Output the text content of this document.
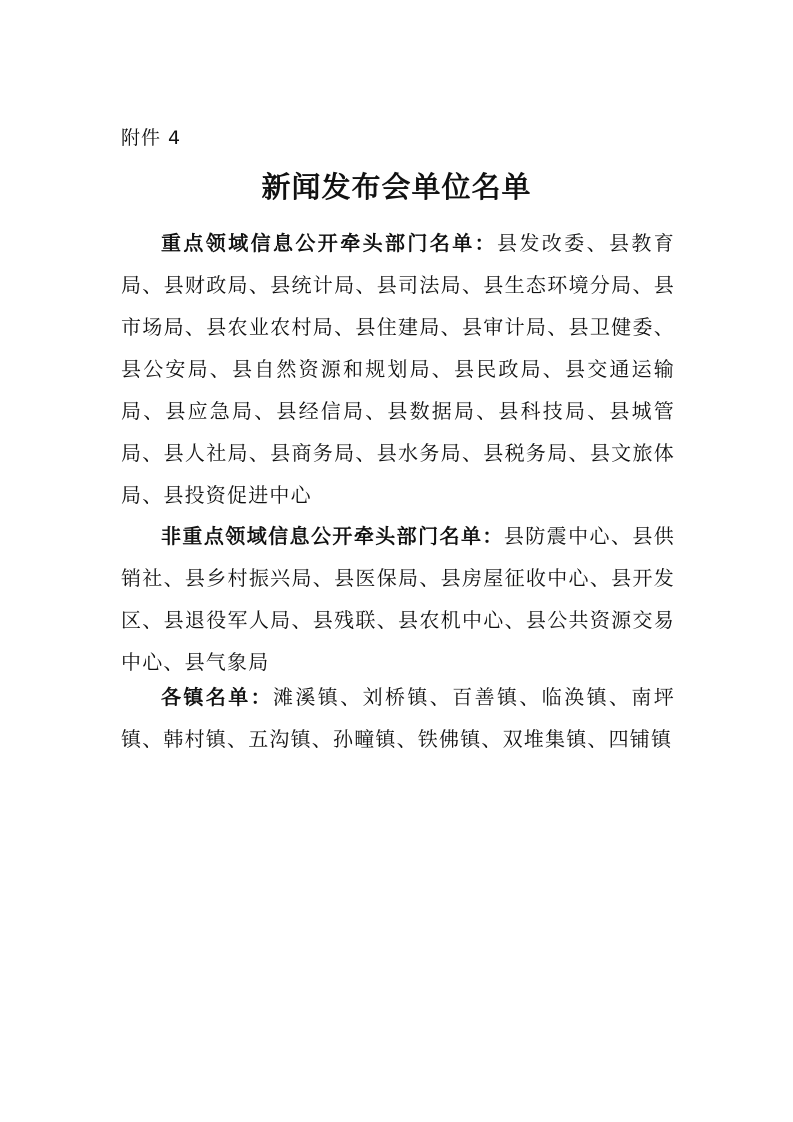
附件 4
新闻发布会单位名单

重点领域信息公开牵头部门名单：县发改委、县教育局、县财政局、县统计局、县司法局、县生态环境分局、县市场局、县农业农村局、县住建局、县审计局、县卫健委、县公安局、县自然资源和规划局、县民政局、县交通运输局、县应急局、县经信局、县数据局、县科技局、县城管局、县人社局、县商务局、县水务局、县税务局、县文旅体局、县投资促进中心

非重点领域信息公开牵头部门名单：县防震中心、县供销社、县乡村振兴局、县医保局、县房屋征收中心、县开发区、县退役军人局、县残联、县农机中心、县公共资源交易中心、县气象局

各镇名单：滩溪镇、刘桥镇、百善镇、临涣镇、南坪镇、韩村镇、五沟镇、孙疃镇、铁佛镇、双堆集镇、四铺镇
